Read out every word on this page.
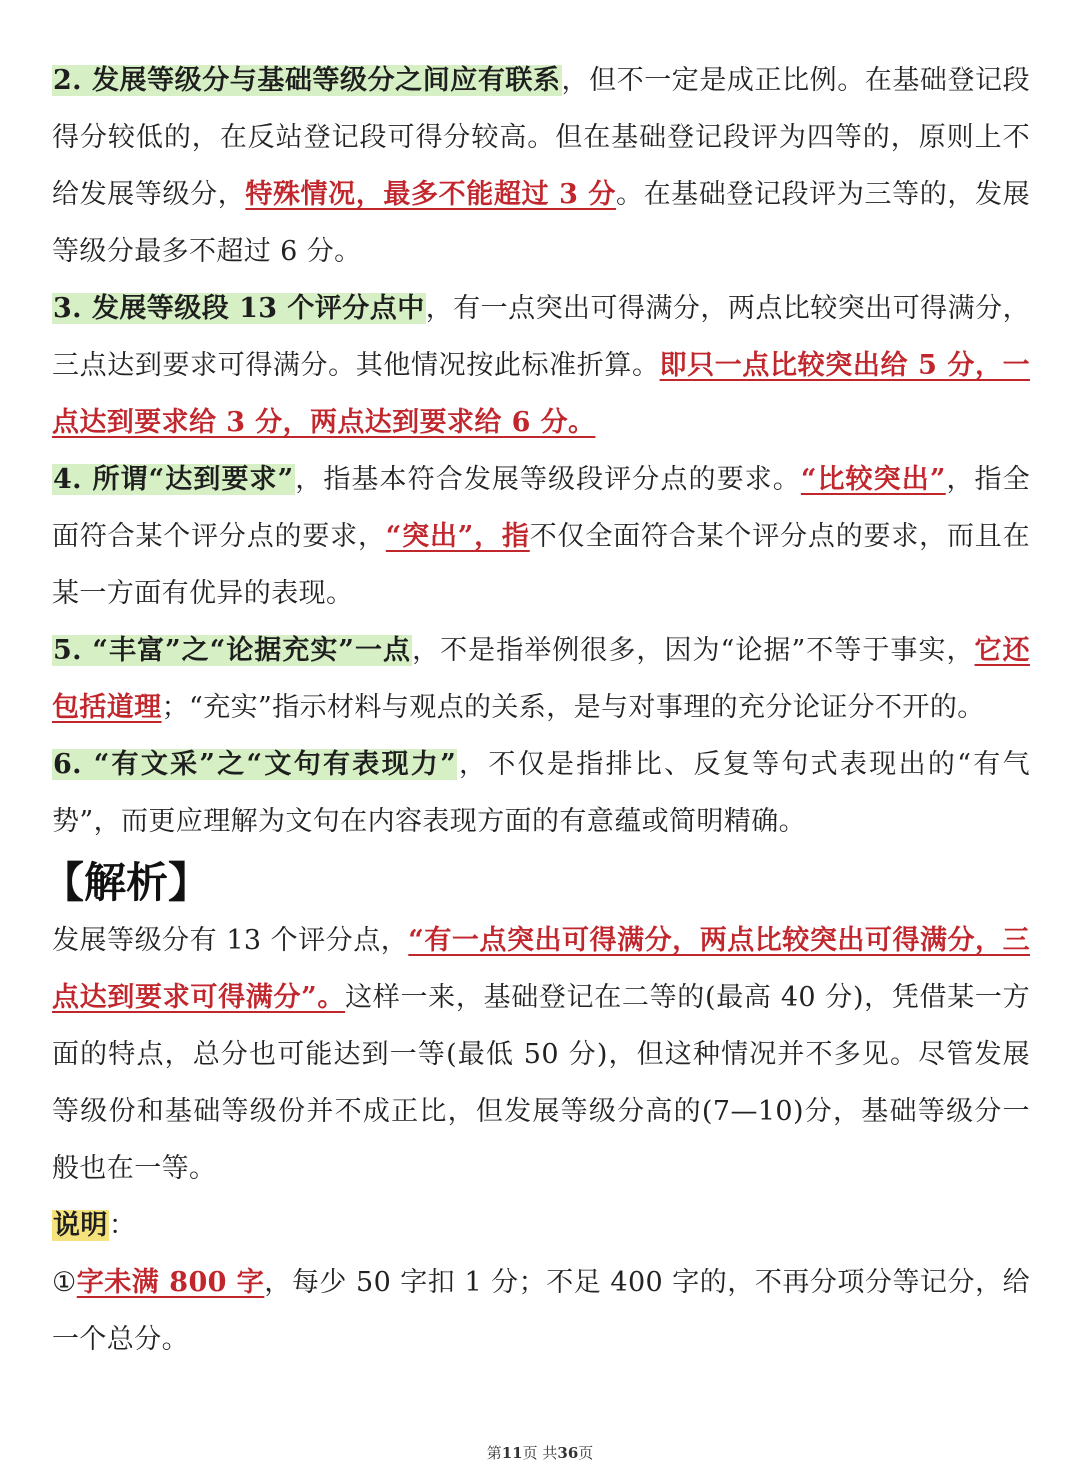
2. 发展等级分与基础等级分之间应有联系，但不一定是成正比例。在基础登记段得分较低的，在反站登记段可得分较高。但在基础登记段评为四等的，原则上不给发展等级分，特殊情况，最多不能超过 3 分。在基础登记段评为三等的，发展等级分最多不超过 6 分。

3. 发展等级段 13 个评分点中，有一点突出可得满分，两点比较突出可得满分，三点达到要求可得满分。其他情况按此标准折算。即只一点比较突出给 5 分，一点达到要求给 3 分，两点达到要求给 6 分。

4. 所谓“达到要求”，指基本符合发展等级段评分点的要求。“比较突出”，指全面符合某个评分点的要求，“突出”，指不仅全面符合某个评分点的要求，而且在某一方面有优异的表现。

5. “丰富”之“论据充实”一点，不是指举例很多，因为“论据”不等于事实，它还包括道理；“充实”指示材料与观点的关系，是与对事理的充分论证分不开的。

6. “有文采”之“文句有表现力”，不仅是指排比、反复等句式表现出的“有气势”，而更应理解为文句在内容表现方面的有意蕴或简明精确。

【解析】

发展等级分有 13 个评分点，“有一点突出可得满分，两点比较突出可得满分，三点达到要求可得满分”。这样一来，基础登记在二等的(最高 40 分)，凭借某一方面的特点，总分也可能达到一等(最低 50 分)，但这种情况并不多见。尽管发展等级份和基础等级份并不成正比，但发展等级分高的(7—10)分，基础等级分一般也在一等。

说明：

①字未满 800 字，每少 50 字扣 1 分；不足 400 字的，不再分项分等记分，给一个总分。

第11页 共36页
